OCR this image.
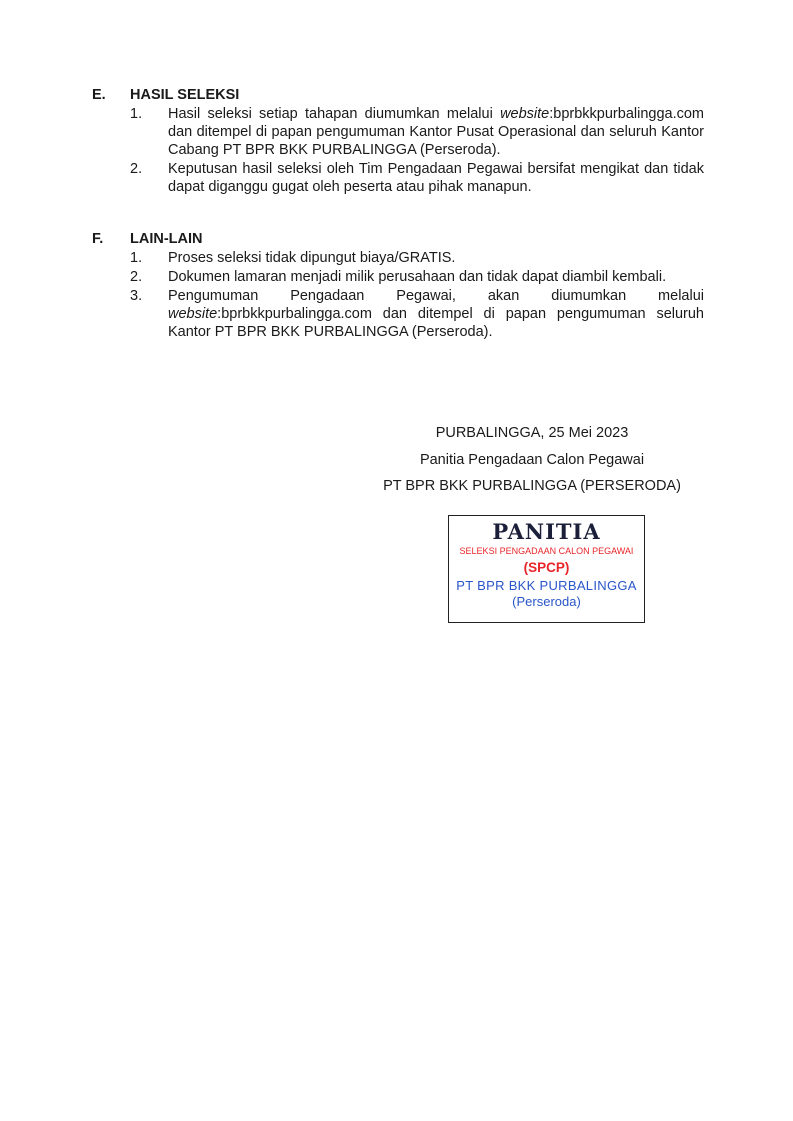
E.	HASIL SELEKSI
1.	Hasil seleksi setiap tahapan diumumkan melalui website:bprbkkpurbalingga.com dan ditempel di papan pengumuman Kantor Pusat Operasional dan seluruh Kantor Cabang PT BPR BKK PURBALINGGA (Perseroda).
2.	Keputusan hasil seleksi oleh Tim Pengadaan Pegawai bersifat mengikat dan tidak dapat diganggu gugat oleh peserta atau pihak manapun.
F.	LAIN-LAIN
1.	Proses seleksi tidak dipungut biaya/GRATIS.
2.	Dokumen lamaran menjadi milik perusahaan dan tidak dapat diambil kembali.
3.	Pengumuman Pengadaan Pegawai, akan diumumkan melalui website:bprbkkpurbalingga.com dan ditempel di papan pengumuman seluruh Kantor PT BPR BKK PURBALINGGA (Perseroda).
PURBALINGGA, 25 Mei 2023
Panitia Pengadaan Calon Pegawai
PT BPR BKK PURBALINGGA (PERSERODA)
PANITIA
SELEKSI PENGADAAN CALON PEGAWAI
(SPCP)
PT BPR BKK PURBALINGGA
(Perseroda)
